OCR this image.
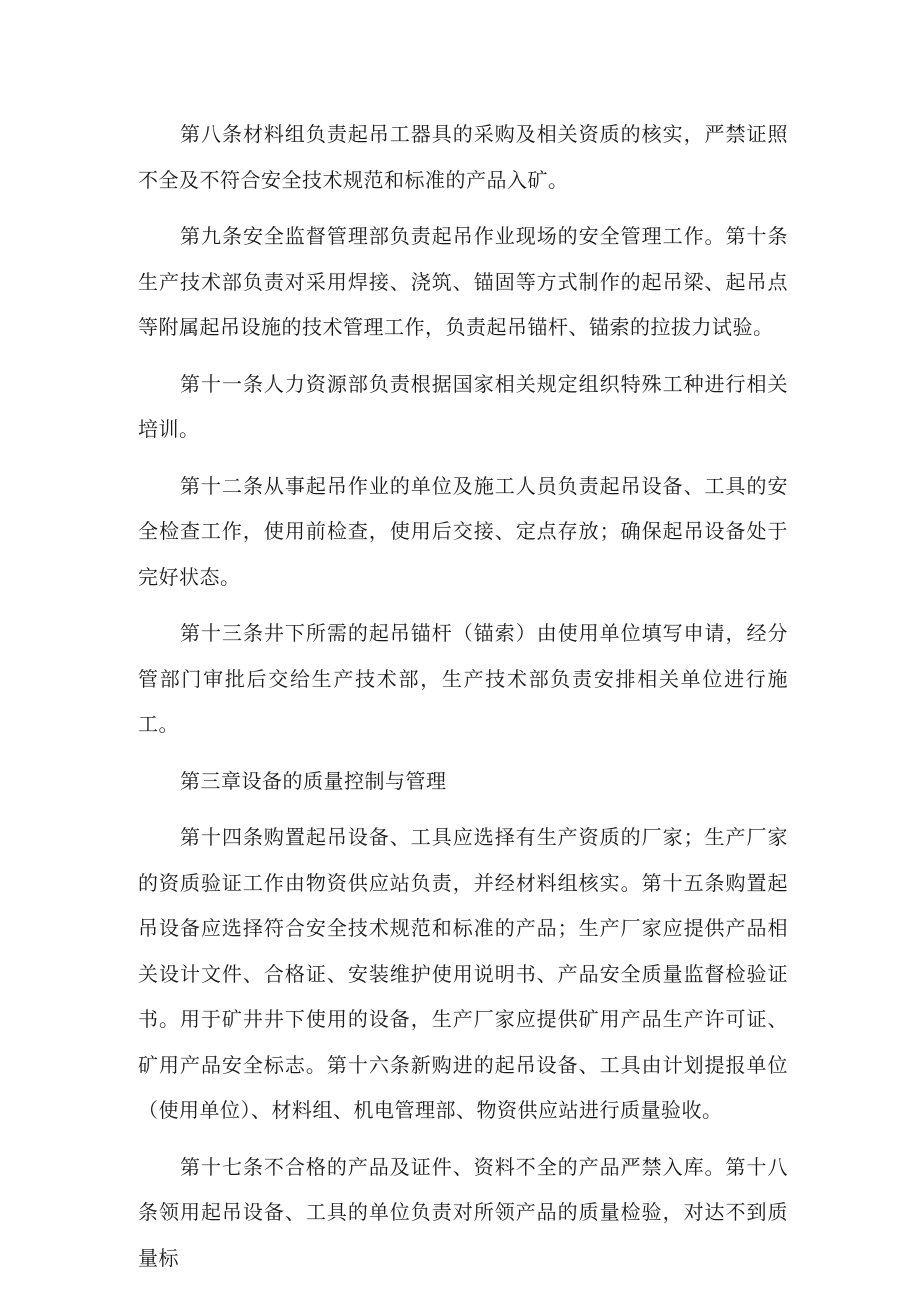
第八条材料组负责起吊工器具的采购及相关资质的核实，严禁证照不全及不符合安全技术规范和标准的产品入矿。

第九条安全监督管理部负责起吊作业现场的安全管理工作。第十条生产技术部负责对采用焊接、浇筑、锚固等方式制作的起吊梁、起吊点等附属起吊设施的技术管理工作，负责起吊锚杆、锚索的拉拔力试验。

第十一条人力资源部负责根据国家相关规定组织特殊工种进行相关培训。

第十二条从事起吊作业的单位及施工人员负责起吊设备、工具的安全检查工作，使用前检查，使用后交接、定点存放；确保起吊设备处于完好状态。

第十三条井下所需的起吊锚杆（锚索）由使用单位填写申请，经分管部门审批后交给生产技术部，生产技术部负责安排相关单位进行施工。

第三章设备的质量控制与管理

第十四条购置起吊设备、工具应选择有生产资质的厂家；生产厂家的资质验证工作由物资供应站负责，并经材料组核实。第十五条购置起吊设备应选择符合安全技术规范和标准的产品；生产厂家应提供产品相关设计文件、合格证、安装维护使用说明书、产品安全质量监督检验证书。用于矿井井下使用的设备，生产厂家应提供矿用产品生产许可证、矿用产品安全标志。第十六条新购进的起吊设备、工具由计划提报单位（使用单位）、材料组、机电管理部、物资供应站进行质量验收。

第十七条不合格的产品及证件、资料不全的产品严禁入库。第十八条领用起吊设备、工具的单位负责对所领产品的质量检验，对达不到质量标
